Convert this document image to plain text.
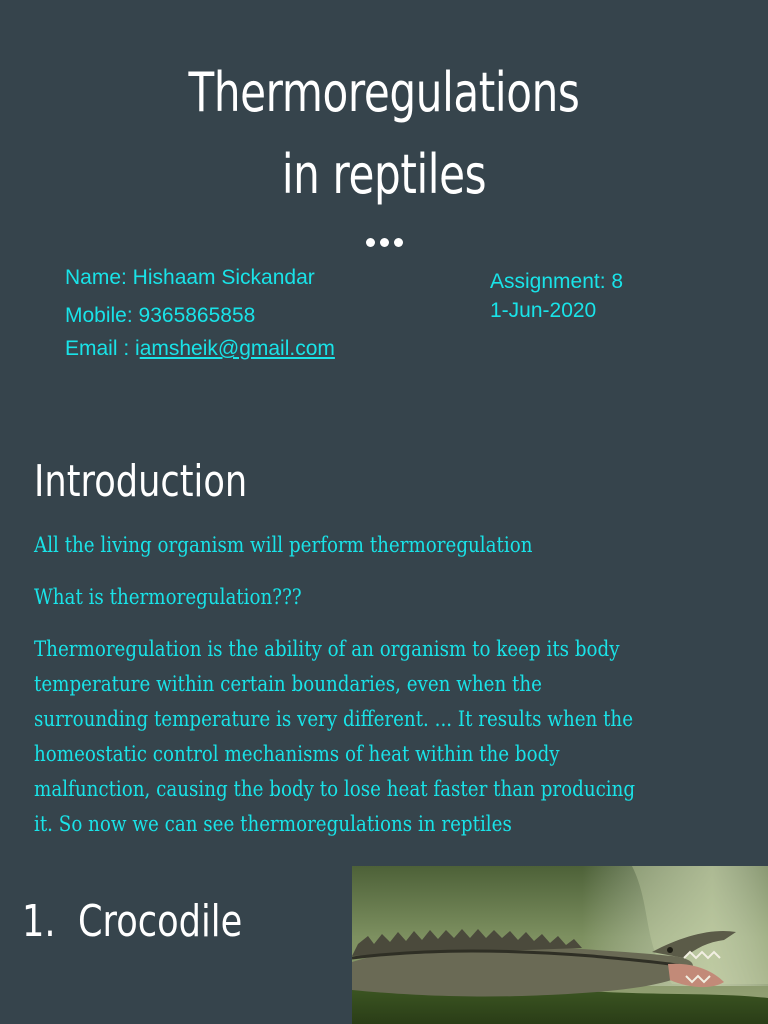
Thermoregulations
in reptiles
Name: Hishaam Sickandar
Mobile: 9365865858
Email : iamsheik@gmail.com
Assignment: 8
1-Jun-2020
Introduction
All the living organism will perform thermoregulation
What is thermoregulation???
Thermoregulation is the ability of an organism to keep its body
temperature within certain boundaries, even when the
surrounding temperature is very different. ... It results when the
homeostatic control mechanisms of heat within the body
malfunction, causing the body to lose heat faster than producing
it. So now we can see thermoregulations in reptiles
1. Crocodile
